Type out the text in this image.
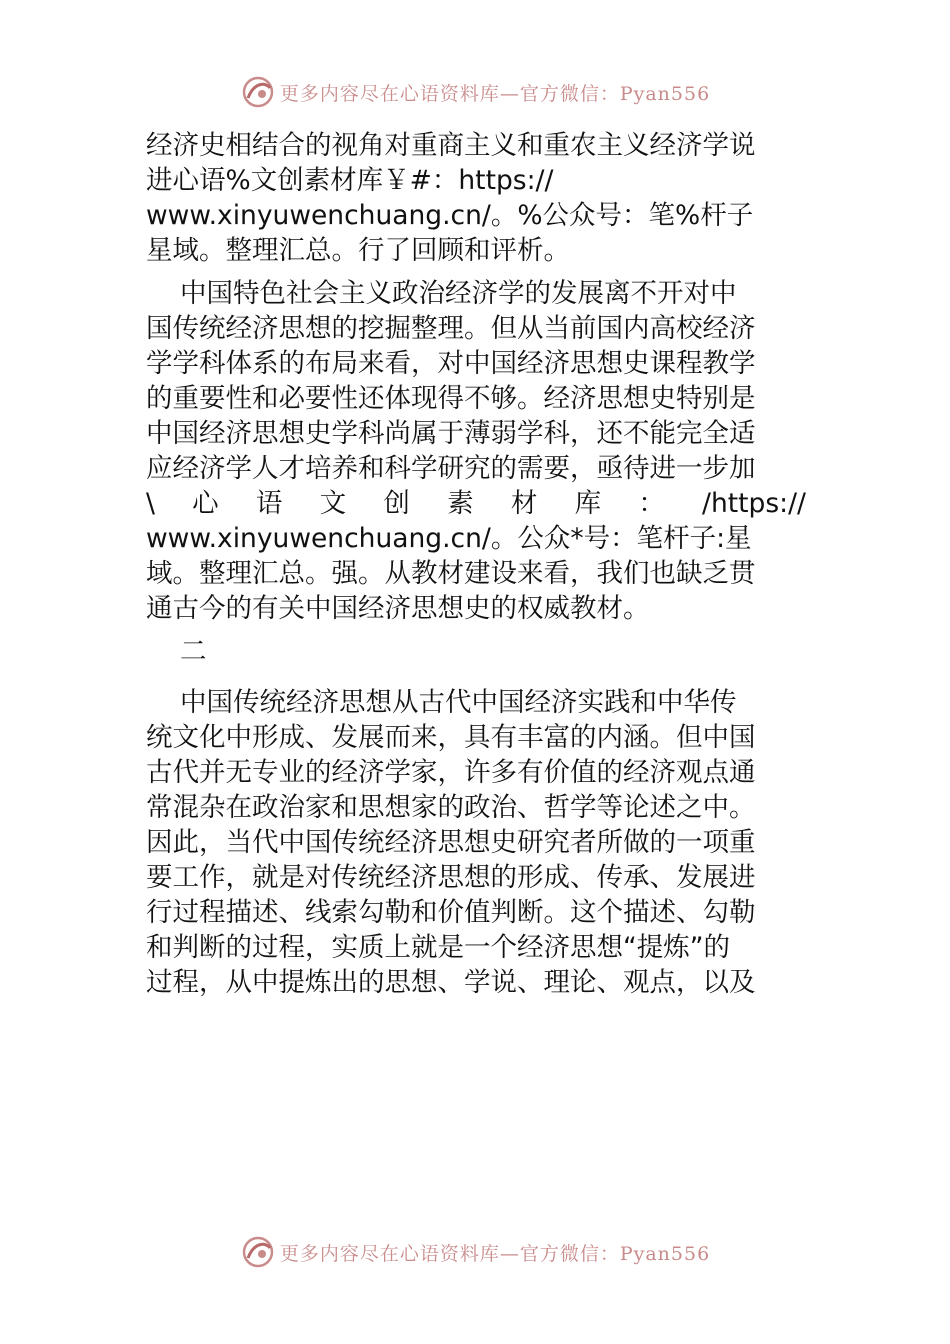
更多内容尽在心语资料库—官方微信：Pyan556
经济史相结合的视角对重商主义和重农主义经济学说
进心语%文创素材库￥#：https://
www.xinyuwenchuang.cn/。%公众号：笔%杆子
星域。整理汇总。行了回顾和评析。
中国特色社会主义政治经济学的发展离不开对中
国传统经济思想的挖掘整理。但从当前国内高校经济
学学科体系的布局来看，对中国经济思想史课程教学
的重要性和必要性还体现得不够。经济思想史特别是
中国经济思想史学科尚属于薄弱学科，还不能完全适
应经济学人才培养和科学研究的需要，亟待进一步加
\ 心 语 文 创 素 材 库 ： /https://
www.xinyuwenchuang.cn/。公众*号：笔杆子:星
域。整理汇总。强。从教材建设来看，我们也缺乏贯
通古今的有关中国经济思想史的权威教材。
二
中国传统经济思想从古代中国经济实践和中华传
统文化中形成、发展而来，具有丰富的内涵。但中国
古代并无专业的经济学家，许多有价值的经济观点通
常混杂在政治家和思想家的政治、哲学等论述之中。
因此，当代中国传统经济思想史研究者所做的一项重
要工作，就是对传统经济思想的形成、传承、发展进
行过程描述、线索勾勒和价值判断。这个描述、勾勒
和判断的过程，实质上就是一个经济思想“提炼”的
过程，从中提炼出的思想、学说、理论、观点，以及
更多内容尽在心语资料库—官方微信：Pyan556
